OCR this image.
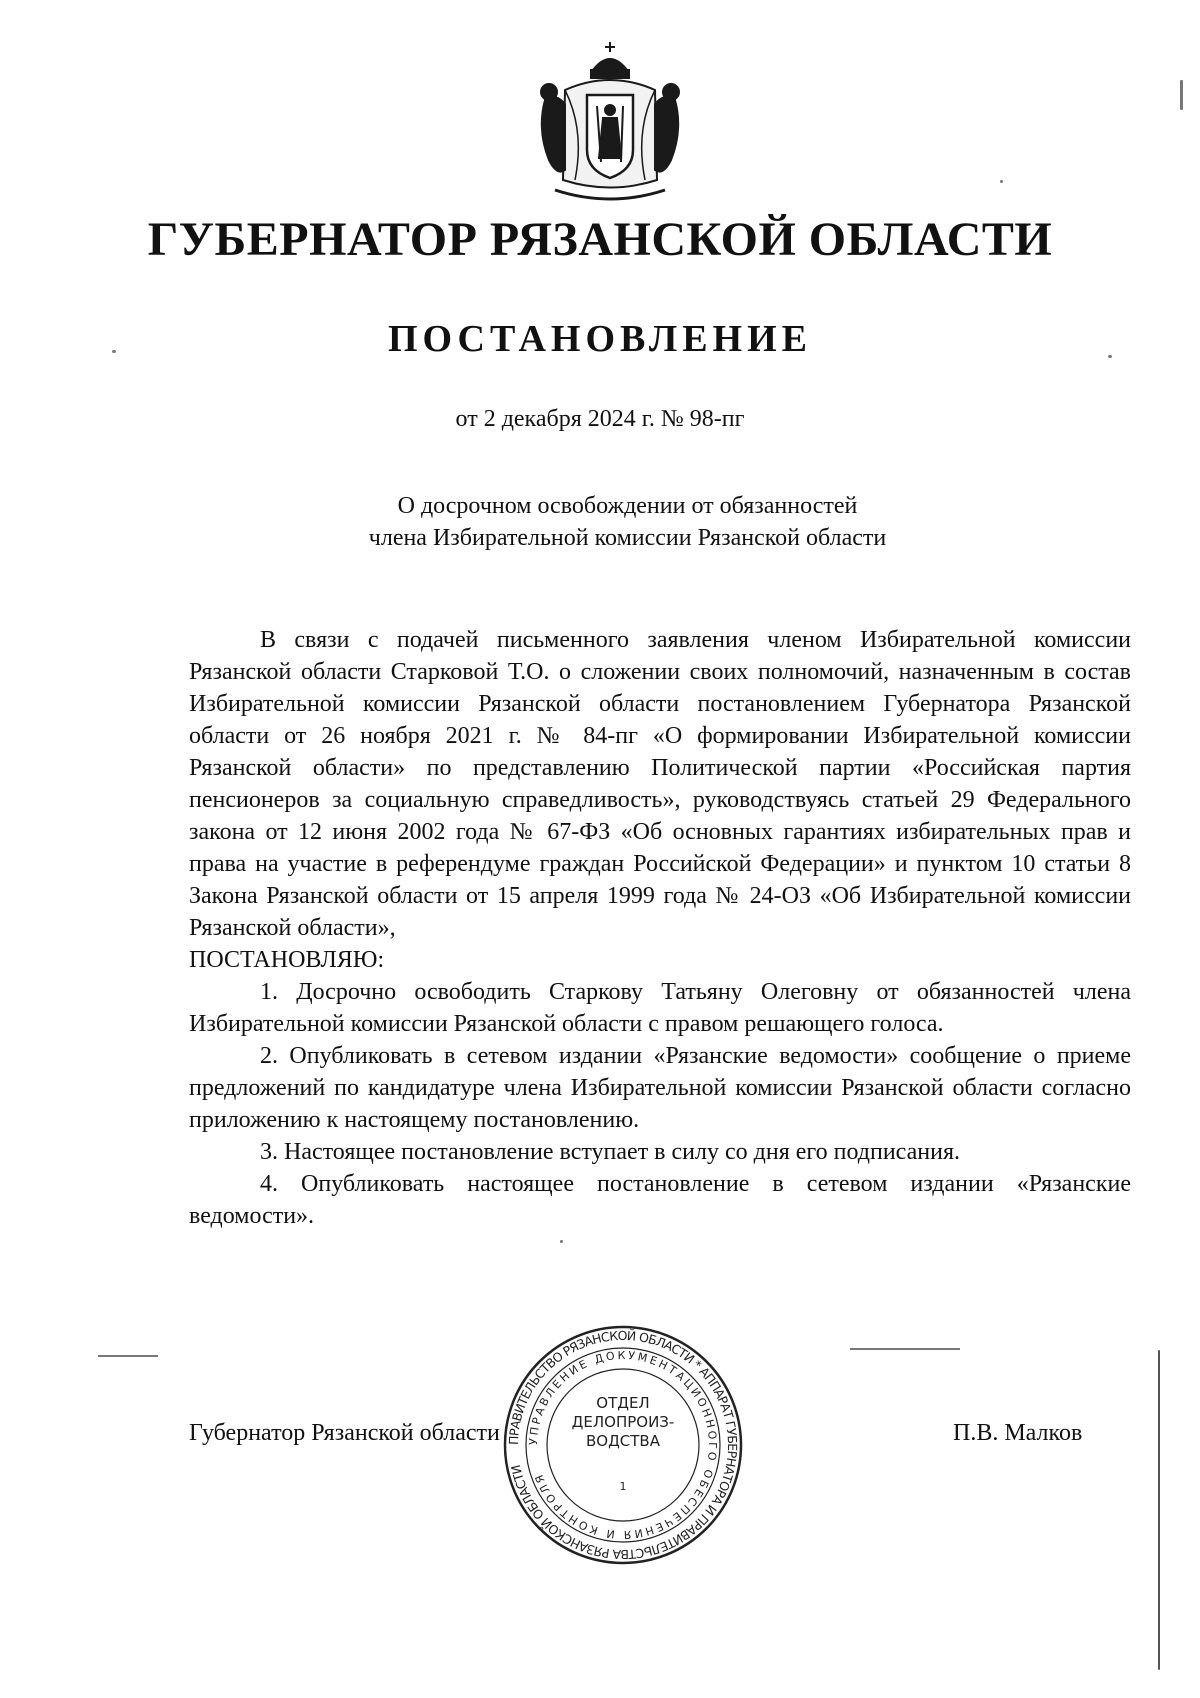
ГУБЕРНАТОР РЯЗАНСКОЙ ОБЛАСТИ
ПОСТАНОВЛЕНИЕ
от 2 декабря 2024 г. № 98-пг
О досрочном освобождении от обязанностей
члена Избирательной комиссии Рязанской области

В связи с подачей письменного заявления членом Избирательной комиссии Рязанской области Старковой Т.О. о сложении своих полномочий, назначенным в состав Избирательной комиссии Рязанской области постановлением Губернатора Рязанской области от 26 ноября 2021 г. № 84-пг «О формировании Избирательной комиссии Рязанской области» по представлению Политической партии «Российская партия пенсионеров за социальную справедливость», руководствуясь статьей 29 Федерального закона от 12 июня 2002 года № 67-ФЗ «Об основных гарантиях избирательных прав и права на участие в референдуме граждан Российской Федерации» и пунктом 10 статьи 8 Закона Рязанской области от 15 апреля 1999 года № 24-ОЗ «Об Избирательной комиссии Рязанской области»,

ПОСТАНОВЛЯЮ:

1. Досрочно освободить Старкову Татьяну Олеговну от обязанностей члена Избирательной комиссии Рязанской области с правом решающего голоса.

2. Опубликовать в сетевом издании «Рязанские ведомости» сообщение о приеме предложений по кандидатуре члена Избирательной комиссии Рязанской области согласно приложению к настоящему постановлению.

3. Настоящее постановление вступает в силу со дня его подписания.

4. Опубликовать настоящее постановление в сетевом издании «Рязанские ведомости».

Губернатор Рязанской области	П.В. Малков
ПРАВИТЕЛЬСТВО РЯЗАНСКОЙ ОБЛАСТИ * АППАРАТ ГУБЕРНАТОРА И ПРАВИТЕЛЬСТВА РЯЗАНСКОЙ ОБЛАСТИ
УПРАВЛЕНИЕ ДОКУМЕНТАЦИОННОГО ОБЕСПЕЧЕНИЯ И КОНТРОЛЯ
ОТДЕЛ
ДЕЛОПРОИЗ-
ВОДСТВА
1
